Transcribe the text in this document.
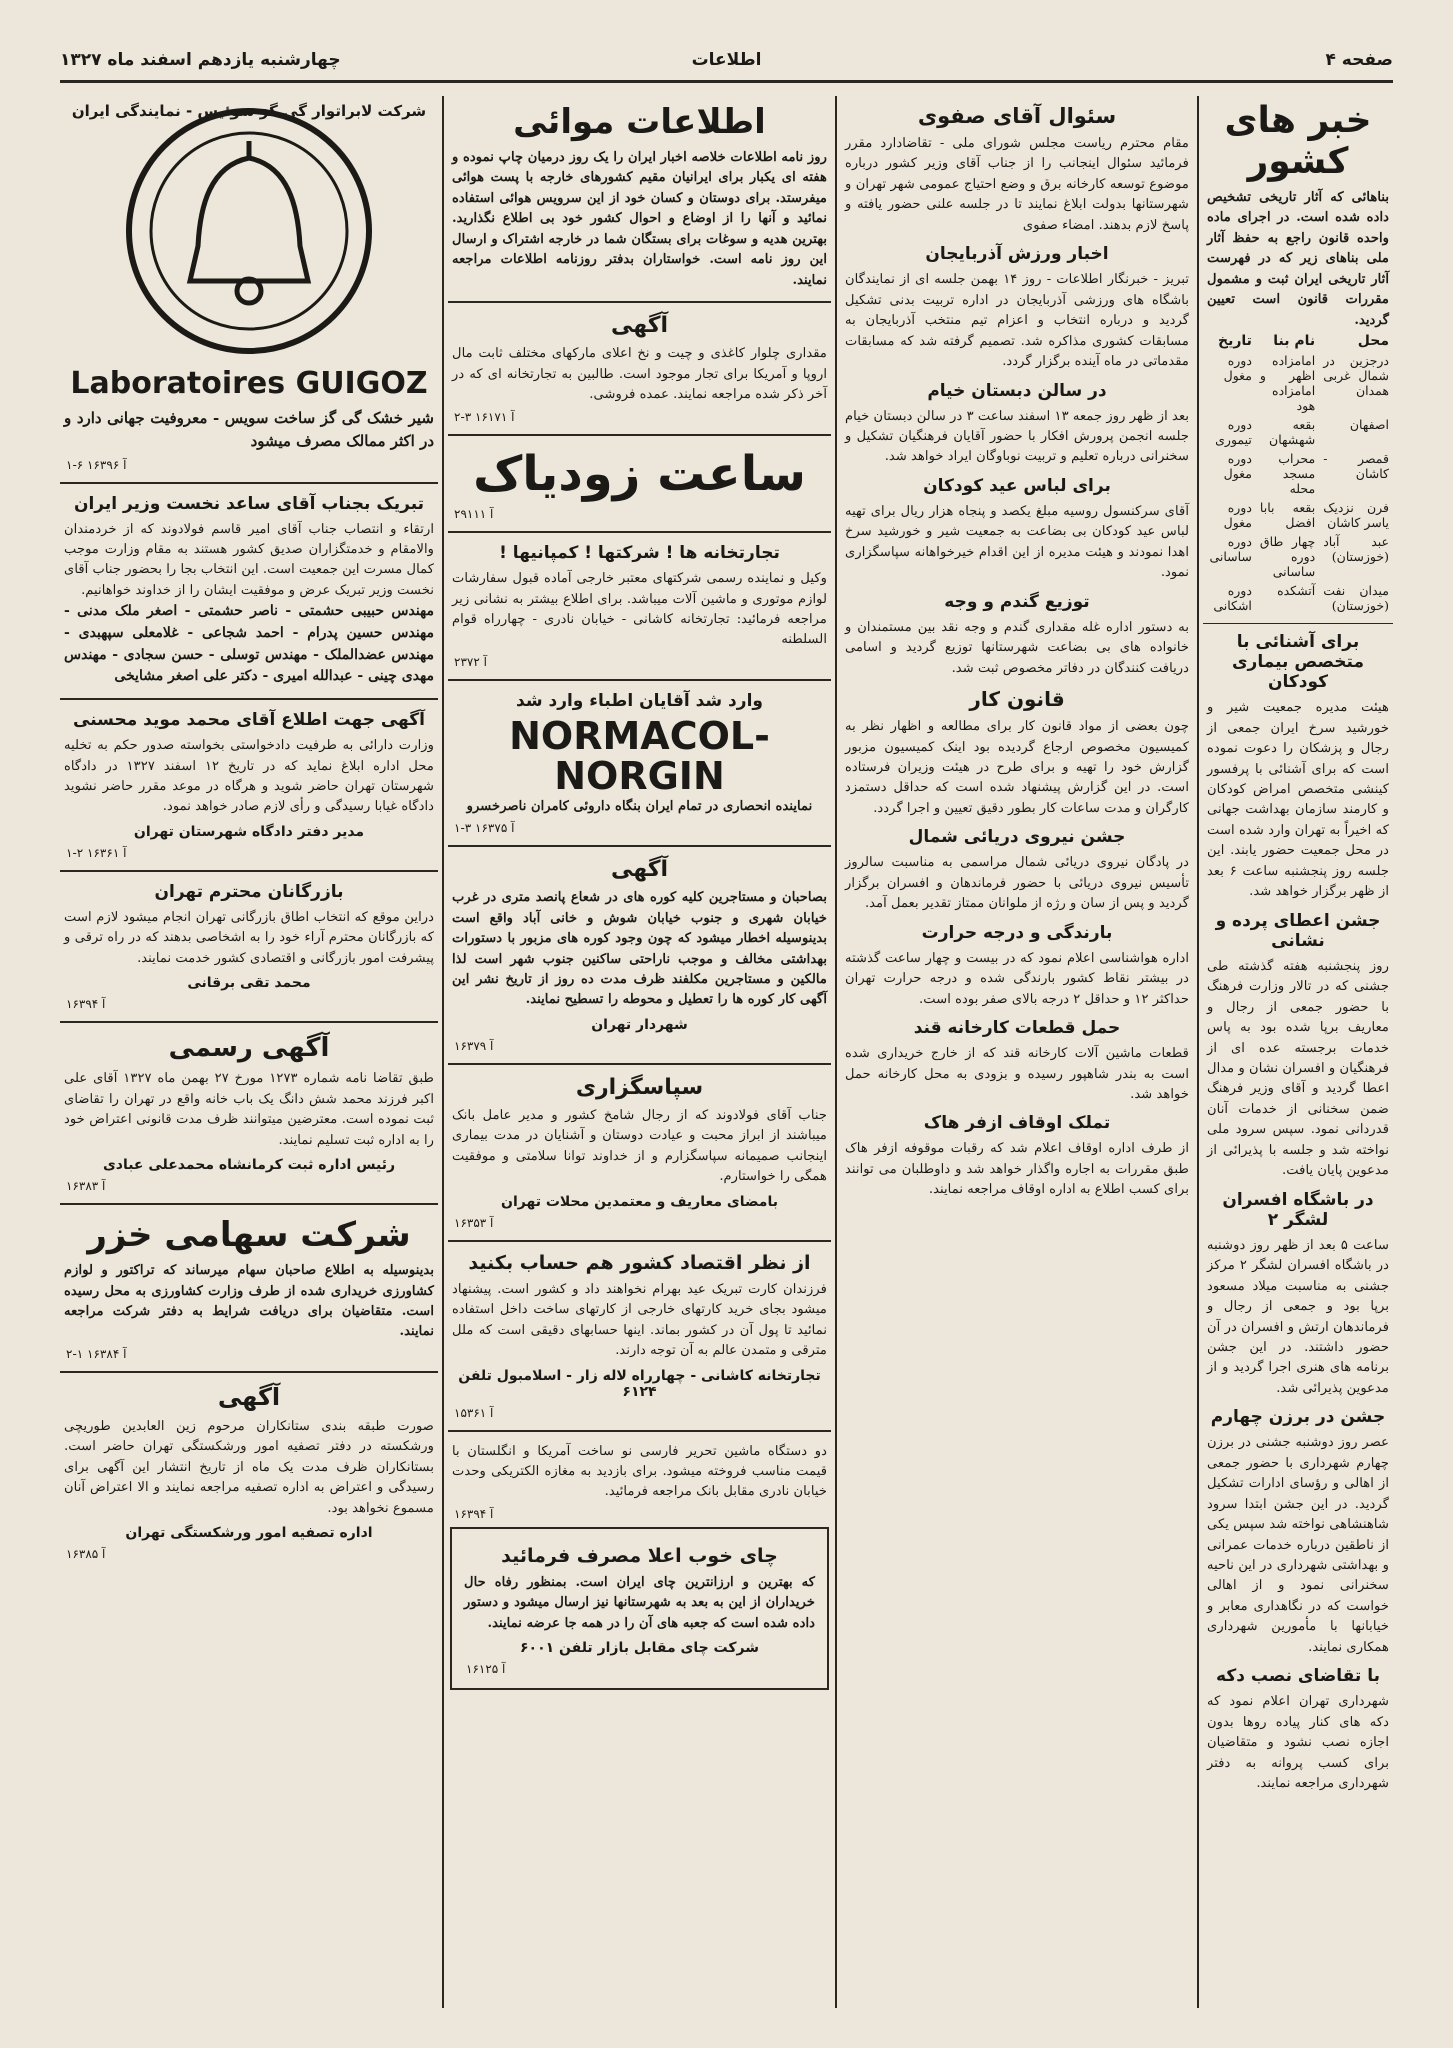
صفحه ۴
اطلاعات
چهارشنبه یازدهم اسفند ماه ۱۳۲۷
خبر های کشور
بناهائی که آثار تاریخی تشخیص داده شده است. در اجرای ماده واحده قانون راجع به حفظ آثار ملی بناهای زیر که در فهرست آثار تاریخی ایران ثبت و مشمول مقررات قانون است تعیین گردید.
محل	نام بنا	تاریخ
درجزین در شمال غربی همدان	امامزاده اظهر و امامزاده هود	دوره مغول
اصفهان	بقعه شهشهان	دوره تیموری
قمصر - کاشان	محراب مسجد محله	دوره مغول
فرن نزدیک یاسر کاشان	بقعه بابا افضل	دوره مغول
عبد آباد (خوزستان)	چهار طاق دوره ساسانی	دوره ساسانی
میدان نفت (خوزستان)	آتشکده	دوره اشکانی
برای آشنائی با متخصص بیماری کودکان
هیئت مدیره جمعیت شیر و خورشید سرخ ایران جمعی از رجال و پزشکان را دعوت نموده است که برای آشنائی با پرفسور کینشی متخصص امراض کودکان و کارمند سازمان بهداشت جهانی که اخیراً به تهران وارد شده است در محل جمعیت حضور یابند. این جلسه روز پنجشنبه ساعت ۶ بعد از ظهر برگزار خواهد شد.
جشن اعطای پرده و نشانی
روز پنجشنبه هفته گذشته طی جشنی که در تالار وزارت فرهنگ با حضور جمعی از رجال و معاریف برپا شده بود به پاس خدمات برجسته عده ای از فرهنگیان و افسران نشان و مدال اعطا گردید و آقای وزیر فرهنگ ضمن سخنانی از خدمات آنان قدردانی نمود. سپس سرود ملی نواخته شد و جلسه با پذیرائی از مدعوین پایان یافت.
در باشگاه افسران لشگر ۲
ساعت ۵ بعد از ظهر روز دوشنبه در باشگاه افسران لشگر ۲ مرکز جشنی به مناسبت میلاد مسعود برپا بود و جمعی از رجال و فرماندهان ارتش و افسران در آن حضور داشتند. در این جشن برنامه های هنری اجرا گردید و از مدعوین پذیرائی شد.
جشن در برزن چهارم
عصر روز دوشنبه جشنی در برزن چهارم شهرداری با حضور جمعی از اهالی و رؤسای ادارات تشکیل گردید. در این جشن ابتدا سرود شاهنشاهی نواخته شد سپس یکی از ناطقین درباره خدمات عمرانی و بهداشتی شهرداری در این ناحیه سخنرانی نمود و از اهالی خواست که در نگاهداری معابر و خیابانها با مأمورین شهرداری همکاری نمایند.
با تقاضای نصب دکه
شهرداری تهران اعلام نمود که دکه های کنار پیاده روها بدون اجازه نصب نشود و متقاضیان برای کسب پروانه به دفتر شهرداری مراجعه نمایند.
سئوال آقای صفوی
مقام محترم ریاست مجلس شورای ملی - تقاضادارد مقرر فرمائید سئوال اینجانب را از جناب آقای وزیر کشور درباره موضوع توسعه کارخانه برق و وضع احتیاج عمومی شهر تهران و شهرستانها بدولت ابلاغ نمایند تا در جلسه علنی حضور یافته و پاسخ لازم بدهند. امضاء صفوی
اخبار ورزش آذربایجان
تبریز - خبرنگار اطلاعات - روز ۱۴ بهمن جلسه ای از نمایندگان باشگاه های ورزشی آذربایجان در اداره تربیت بدنی تشکیل گردید و درباره انتخاب و اعزام تیم منتخب آذربایجان به مسابقات کشوری مذاکره شد. تصمیم گرفته شد که مسابقات مقدماتی در ماه آینده برگزار گردد.
در سالن دبستان خیام
بعد از ظهر روز جمعه ۱۳ اسفند ساعت ۳ در سالن دبستان خیام جلسه انجمن پرورش افکار با حضور آقایان فرهنگیان تشکیل و سخنرانی درباره تعلیم و تربیت نوباوگان ایراد خواهد شد.
برای لباس عید کودکان
آقای سرکنسول روسیه مبلغ یکصد و پنجاه هزار ریال برای تهیه لباس عید کودکان بی بضاعت به جمعیت شیر و خورشید سرخ اهدا نمودند و هیئت مدیره از این اقدام خیرخواهانه سپاسگزاری نمود.
توزیع گندم و وجه
به دستور اداره غله مقداری گندم و وجه نقد بین مستمندان و خانواده های بی بضاعت شهرستانها توزیع گردید و اسامی دریافت کنندگان در دفاتر مخصوص ثبت شد.
قانون کار
چون بعضی از مواد قانون کار برای مطالعه و اظهار نظر به کمیسیون مخصوص ارجاع گردیده بود اینک کمیسیون مزبور گزارش خود را تهیه و برای طرح در هیئت وزیران فرستاده است. در این گزارش پیشنهاد شده است که حداقل دستمزد کارگران و مدت ساعات کار بطور دقیق تعیین و اجرا گردد.
جشن نیروی دریائی شمال
در پادگان نیروی دریائی شمال مراسمی به مناسبت سالروز تأسیس نیروی دریائی با حضور فرماندهان و افسران برگزار گردید و پس از سان و رژه از ملوانان ممتاز تقدیر بعمل آمد.
بارندگی و درجه حرارت
اداره هواشناسی اعلام نمود که در بیست و چهار ساعت گذشته در بیشتر نقاط کشور بارندگی شده و درجه حرارت تهران حداکثر ۱۲ و حداقل ۲ درجه بالای صفر بوده است.
حمل قطعات کارخانه قند
قطعات ماشین آلات کارخانه قند که از خارج خریداری شده است به بندر شاهپور رسیده و بزودی به محل کارخانه حمل خواهد شد.
تملک اوقاف ازفر هاک
از طرف اداره اوقاف اعلام شد که رقبات موقوفه ازفر هاک طبق مقررات به اجاره واگذار خواهد شد و داوطلبان می توانند برای کسب اطلاع به اداره اوقاف مراجعه نمایند.
اطلاعات موائی
روز نامه اطلاعات خلاصه اخبار ایران را یک روز درمیان چاپ نموده و هفته ای یکبار برای ایرانیان مقیم کشورهای خارجه با پست هوائی میفرستد. برای دوستان و کسان خود از این سرویس هوائی استفاده نمائید و آنها را از اوضاع و احوال کشور خود بی اطلاع نگذارید. بهترین هدیه و سوغات برای بستگان شما در خارجه اشتراک و ارسال این روز نامه است. خواستاران بدفتر روزنامه اطلاعات مراجعه نمایند.
آگهی
مقداری چلوار کاغذی و چیت و نخ اعلای مارکهای مختلف ثابت مال اروپا و آمریکا برای تجار موجود است. طالبین به تجارتخانه ای که در آخر ذکر شده مراجعه نمایند. عمده فروشی.
۲-۳ ۱۶۱۷۱ آ
ساعت زودیاک
۲۹۱۱۱ آ
تجارتخانه ها ! شرکتها ! کمپانیها !
وکیل و نماینده رسمی شرکتهای معتبر خارجی آماده قبول سفارشات لوازم موتوری و ماشین آلات میباشد. برای اطلاع بیشتر به نشانی زیر مراجعه فرمائید: تجارتخانه کاشانی - خیابان نادری - چهارراه قوام السلطنه
۲۳۷۲ آ
وارد شد آقایان اطباء وارد شد
NORMACOL-
NORGIN
نماینده انحصاری در تمام ایران بنگاه داروئی کامران ناصرخسرو
۱-۳ ۱۶۳۷۵ آ
آگهی
بصاحبان و مستاجرین کلیه کوره های در شعاع پانصد متری در غرب خیابان شهری و جنوب خیابان شوش و خانی آباد واقع است بدینوسیله اخطار میشود که چون وجود کوره های مزبور با دستورات بهداشتی مخالف و موجب ناراحتی ساکنین جنوب شهر است لذا مالکین و مستاجرین مکلفند ظرف مدت ده روز از تاریخ نشر این آگهی کار کوره ها را تعطیل و محوطه را تسطیح نمایند.
شهردار تهران
۱۶۳۷۹ آ
سپاسگزاری
جناب آقای فولادوند که از رجال شامخ کشور و مدیر عامل بانک میباشند از ابراز محبت و عیادت دوستان و آشنایان در مدت بیماری اینجانب صمیمانه سپاسگزارم و از خداوند توانا سلامتی و موفقیت همگی را خواستارم.
بامضای معاریف و معتمدین محلات تهران
۱۶۳۵۳ آ
از نظر اقتصاد کشور هم حساب بکنید
فرزندان کارت تبریک عید بهرام نخواهند داد و کشور است. پیشنهاد میشود بجای خرید کارتهای خارجی از کارتهای ساخت داخل استفاده نمائید تا پول آن در کشور بماند. اینها حسابهای دقیقی است که ملل مترقی و متمدن عالم به آن توجه دارند.
تجارتخانه کاشانی - چهارراه لاله زار - اسلامبول تلفن ۶۱۲۴
۱۵۳۶۱ آ
دو دستگاه ماشین تحریر فارسی نو ساخت آمریکا و انگلستان با قیمت مناسب فروخته میشود. برای بازدید به مغازه الکتریکی وحدت خیابان نادری مقابل بانک مراجعه فرمائید.
۱۶۳۹۴ آ
چای خوب اعلا مصرف فرمائید
که بهترین و ارزانترین چای ایران است. بمنظور رفاه حال خریداران از این به بعد به شهرستانها نیز ارسال میشود و دستور داده شده است که جعبه های آن را در همه جا عرضه نمایند.
شرکت چای مقابل بازار تلفن ۶۰۰۱
۱۶۱۲۵ آ
شرکت لابراتوار گی گز سوئیس - نمایندگی ایران
Laboratoires GUIGOZ
شیر خشک گی گز ساخت سویس - معروفیت جهانی دارد و در اکثر ممالک مصرف میشود
۱-۶ ۱۶۳۹۶ آ
تبریک بجناب آقای ساعد نخست وزیر ایران
ارتقاء و انتصاب جناب آقای امیر قاسم فولادوند که از خردمندان والامقام و خدمتگزاران صدیق کشور هستند به مقام وزارت موجب کمال مسرت این جمعیت است. این انتخاب بجا را بحضور جناب آقای نخست وزیر تبریک عرض و موفقیت ایشان را از خداوند خواهانیم.
مهندس حبیبی حشمتی - ناصر حشمتی - اصغر ملک مدنی - مهندس حسین پدرام - احمد شجاعی - غلامعلی سپهبدی - مهندس عضدالملک - مهندس توسلی - حسن سجادی - مهندس مهدی چینی - عبدالله امیری - دکتر علی اصغر مشایخی
آگهی جهت اطلاع آقای محمد موید محسنی
وزارت دارائی به طرفیت دادخواستی بخواسته صدور حکم به تخلیه محل اداره ابلاغ نماید که در تاریخ ۱۲ اسفند ۱۳۲۷ در دادگاه شهرستان تهران حاضر شوید و هرگاه در موعد مقرر حاضر نشوید دادگاه غیابا رسیدگی و رأی لازم صادر خواهد نمود.
مدیر دفتر دادگاه شهرستان تهران
۱-۲ ۱۶۳۶۱ آ
بازرگانان محترم تهران
دراین موقع که انتخاب اطاق بازرگانی تهران انجام میشود لازم است که بازرگانان محترم آراء خود را به اشخاصی بدهند که در راه ترقی و پیشرفت امور بازرگانی و اقتصادی کشور خدمت نمایند.
محمد تقی برقانی
۱۶۳۹۴ آ
آگهی رسمی
طبق تقاضا نامه شماره ۱۲۷۳ مورخ ۲۷ بهمن ماه ۱۳۲۷ آقای علی اکبر فرزند محمد شش دانگ یک باب خانه واقع در تهران را تقاضای ثبت نموده است. معترضین میتوانند ظرف مدت قانونی اعتراض خود را به اداره ثبت تسلیم نمایند.
رئیس اداره ثبت کرمانشاه محمدعلی عبادی
۱۶۳۸۳ آ
شرکت سهامی خزر
بدینوسیله به اطلاع صاحبان سهام میرساند که تراکتور و لوازم کشاورزی خریداری شده از طرف وزارت کشاورزی به محل رسیده است. متقاضیان برای دریافت شرایط به دفتر شرکت مراجعه نمایند.
۲-۱ ۱۶۳۸۴ آ
آگهی
صورت طبقه بندی ستانکاران مرحوم زین العابدین طوریچی ورشکسته در دفتر تصفیه امور ورشکستگی تهران حاضر است. بستانکاران ظرف مدت یک ماه از تاریخ انتشار این آگهی برای رسیدگی و اعتراض به اداره تصفیه مراجعه نمایند و الا اعتراض آنان مسموع نخواهد بود.
اداره تصفیه امور ورشکستگی تهران
۱۶۳۸۵ آ
